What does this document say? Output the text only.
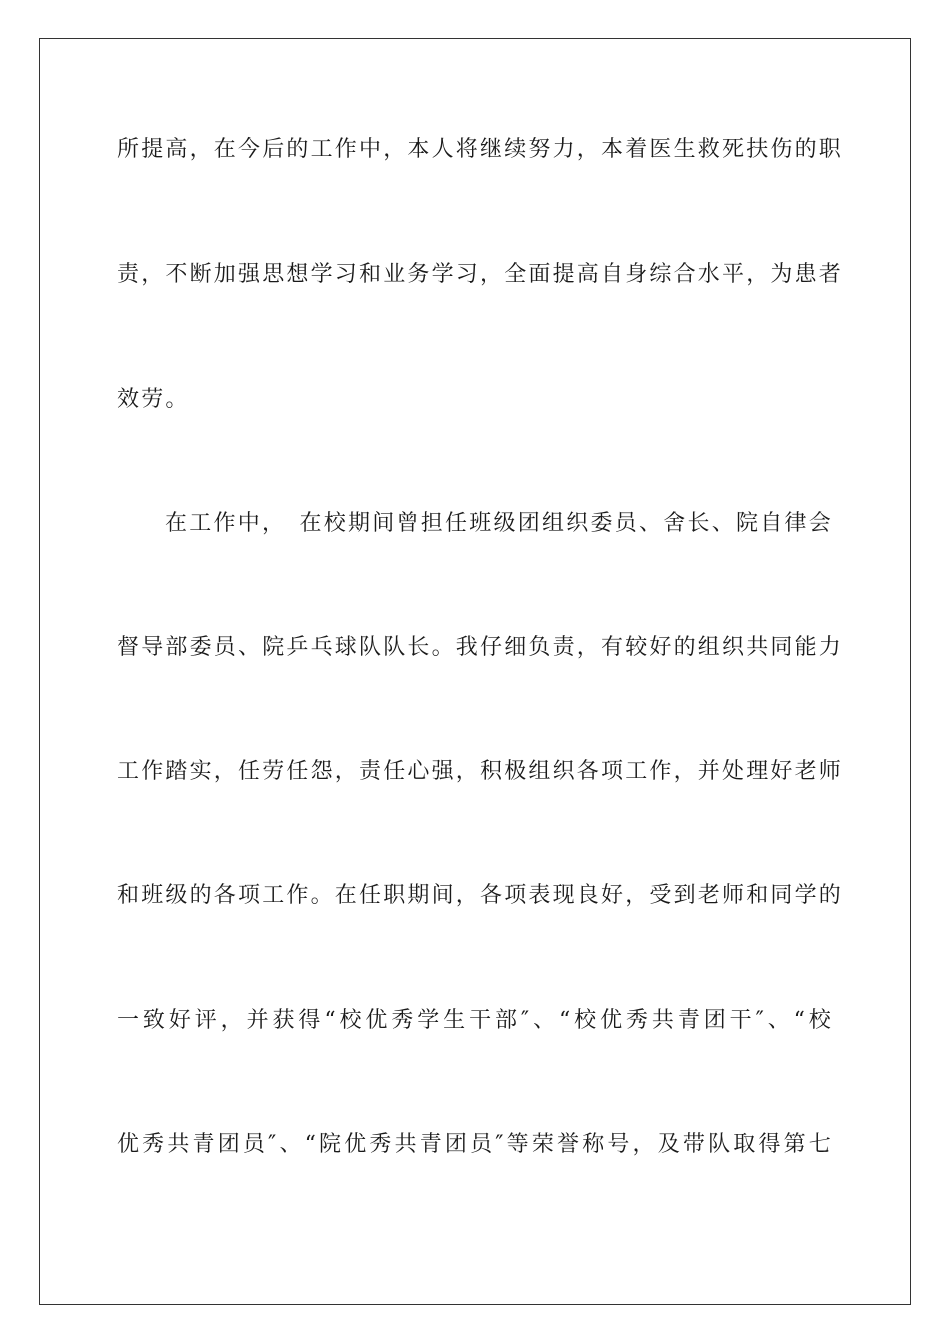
所提高，在今后的工作中，本人将继续努力，本着医生救死扶伤的职
责，不断加强思想学习和业务学习，全面提高自身综合水平，为患者
效劳。
在工作中，　在校期间曾担任班级团组织委员、舍长、院自律会
督导部委员、院乒乓球队队长。我仔细负责，有较好的组织共同能力
工作踏实，任劳任怨，责任心强，积极组织各项工作，并处理好老师
和班级的各项工作。在任职期间，各项表现良好，受到老师和同学的
一致好评，并获得“校优秀学生干部″、“校优秀共青团干″、“校
优秀共青团员″、“院优秀共青团员″等荣誉称号，及带队取得第七
